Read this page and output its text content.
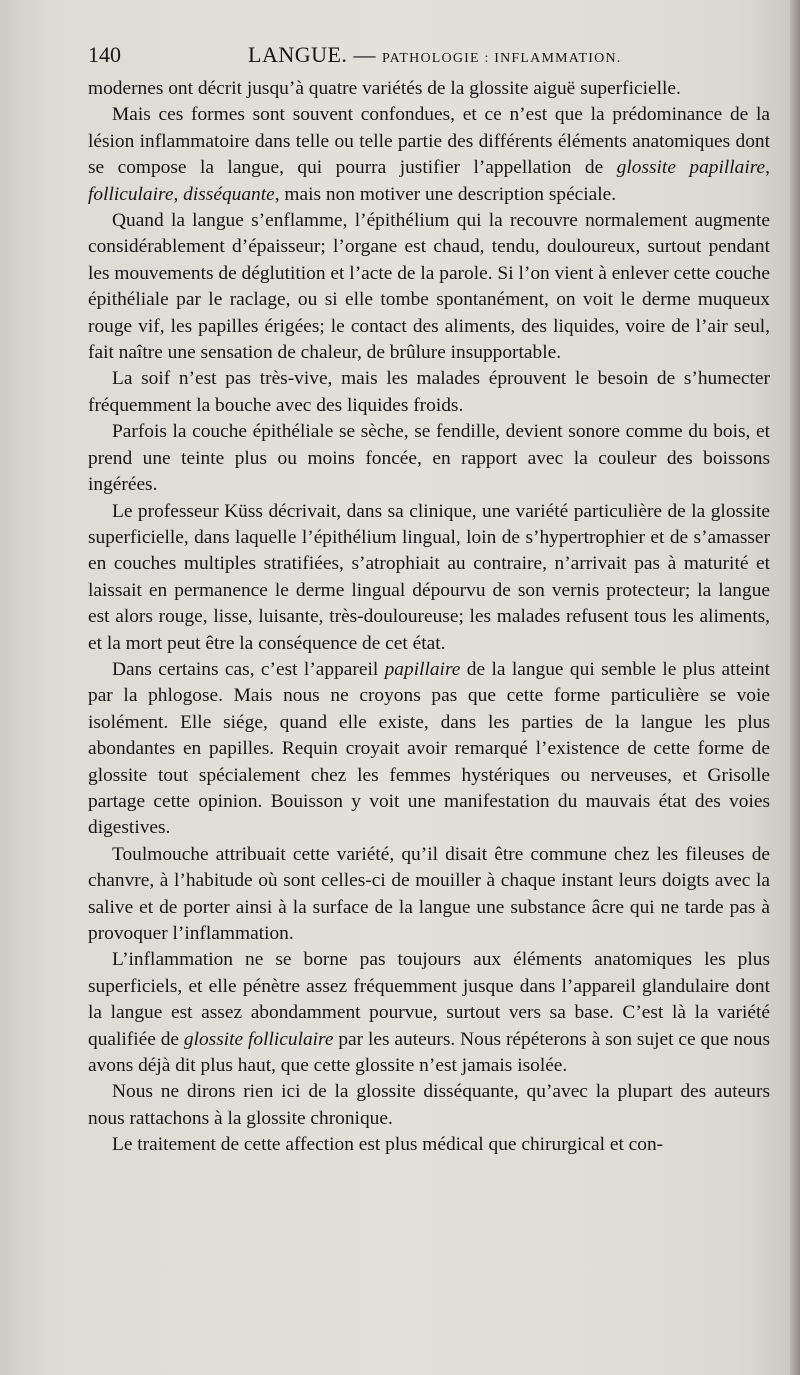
140	LANGUE. — PATHOLOGIE : INFLAMMATION.

modernes ont décrit jusqu’à quatre variétés de la glossite aiguë superficielle.

Mais ces formes sont souvent confondues, et ce n’est que la prédominance de la lésion inflammatoire dans telle ou telle partie des différents éléments anatomiques dont se compose la langue, qui pourra justifier l’appellation de glossite papillaire, folliculaire, disséquante, mais non motiver une description spéciale.

Quand la langue s’enflamme, l’épithélium qui la recouvre normalement augmente considérablement d’épaisseur; l’organe est chaud, tendu, douloureux, surtout pendant les mouvements de déglutition et l’acte de la parole. Si l’on vient à enlever cette couche épithéliale par le raclage, ou si elle tombe spontanément, on voit le derme muqueux rouge vif, les papilles érigées; le contact des aliments, des liquides, voire de l’air seul, fait naître une sensation de chaleur, de brûlure insupportable.

La soif n’est pas très-vive, mais les malades éprouvent le besoin de s’humecter fréquemment la bouche avec des liquides froids.

Parfois la couche épithéliale se sèche, se fendille, devient sonore comme du bois, et prend une teinte plus ou moins foncée, en rapport avec la couleur des boissons ingérées.

Le professeur Küss décrivait, dans sa clinique, une variété particulière de la glossite superficielle, dans laquelle l’épithélium lingual, loin de s’hypertrophier et de s’amasser en couches multiples stratifiées, s’atrophiait au contraire, n’arrivait pas à maturité et laissait en permanence le derme lingual dépourvu de son vernis protecteur; la langue est alors rouge, lisse, luisante, très-douloureuse; les malades refusent tous les aliments, et la mort peut être la conséquence de cet état.

Dans certains cas, c’est l’appareil papillaire de la langue qui semble le plus atteint par la phlogose. Mais nous ne croyons pas que cette forme particulière se voie isolément. Elle siége, quand elle existe, dans les parties de la langue les plus abondantes en papilles. Requin croyait avoir remarqué l’existence de cette forme de glossite tout spécialement chez les femmes hystériques ou nerveuses, et Grisolle partage cette opinion. Bouisson y voit une manifestation du mauvais état des voies digestives.

Toulmouche attribuait cette variété, qu’il disait être commune chez les fileuses de chanvre, à l’habitude où sont celles-ci de mouiller à chaque instant leurs doigts avec la salive et de porter ainsi à la surface de la langue une substance âcre qui ne tarde pas à provoquer l’inflammation.

L’inflammation ne se borne pas toujours aux éléments anatomiques les plus superficiels, et elle pénètre assez fréquemment jusque dans l’appareil glandulaire dont la langue est assez abondamment pourvue, surtout vers sa base. C’est là la variété qualifiée de glossite folliculaire par les auteurs. Nous répéterons à son sujet ce que nous avons déjà dit plus haut, que cette glossite n’est jamais isolée.

Nous ne dirons rien ici de la glossite disséquante, qu’avec la plupart des auteurs nous rattachons à la glossite chronique.

Le traitement de cette affection est plus médical que chirurgical et con-
